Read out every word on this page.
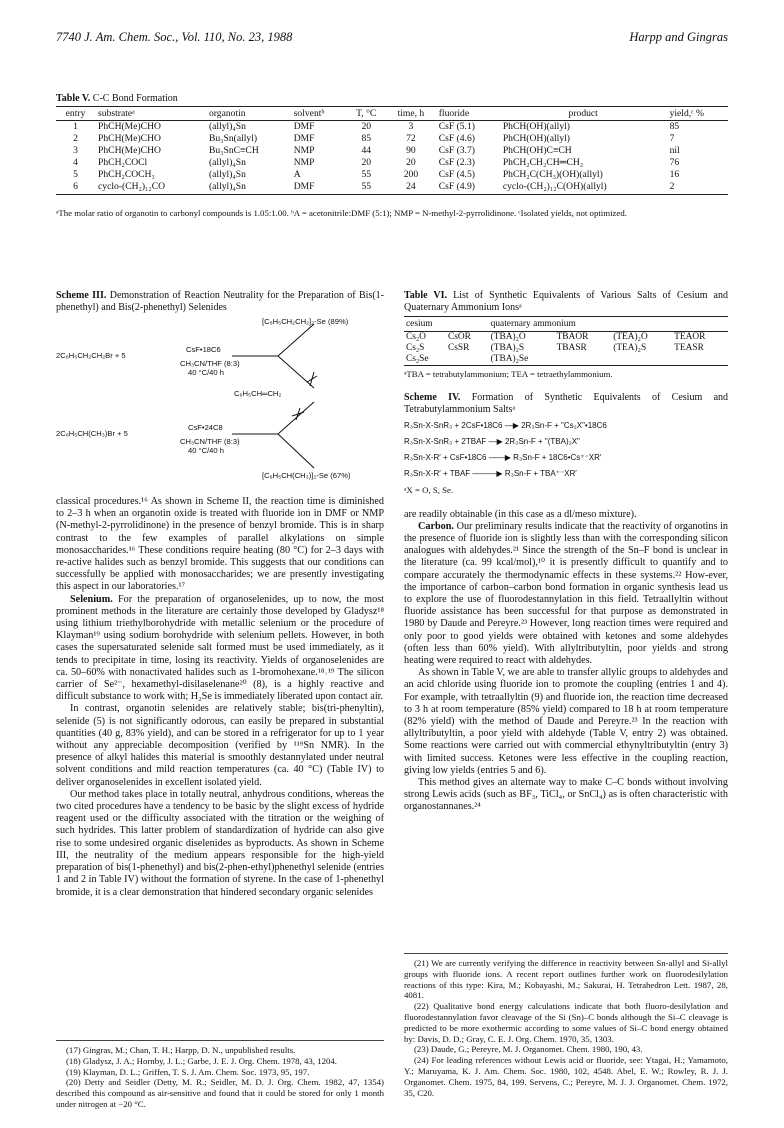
7740 J. Am. Chem. Soc., Vol. 110, No. 23, 1988	Harpp and Gingras
Table V. C-C Bond Formation
entry	substrateᵃ	organotin	solventᵇ	T, °C	time, h	fluoride	product	yield,ᶜ %
1	PhCH(Me)CHO	(allyl)₄Sn	DMF	20	3	CsF (5.1)	PhCH(OH)(allyl)	85
2	PhCH(Me)CHO	Bu₃Sn(allyl)	DMF	85	72	CsF (4.6)	PhCH(OH)(allyl)	7
3	PhCH(Me)CHO	Bu₃SnC≡CH	NMP	44	90	CsF (3.7)	PhCH(OH)C≡CH	nil
4	PhCH₂COCl	(allyl)₄Sn	NMP	20	20	CsF (2.3)	PhCH₂CH₂CH═CH₂	76
5	PhCH₂COCH₃	(allyl)₄Sn	A	55	200	CsF (4.5)	PhCH₂C(CH₃)(OH)(allyl)	16
6	cyclo-(CH₂)₁₂CO	(allyl)₄Sn	DMF	55	24	CsF (4.9)	cyclo-(CH₂)₁₂C(OH)(allyl)	2
ᵃThe molar ratio of organotin to carbonyl compounds is 1.05:1.00. ᵇA = acetonitrile:DMF (5:1); NMP = N-methyl-2-pyrrolidinone. ᶜIsolated yields, not optimized.
Scheme III. Demonstration of Reaction Neutrality for the Preparation of Bis(1-phenethyl) and Bis(2-phenethyl) Selenides
[C₆H₅CH₂CH₂]₂-Se (89%)
2C₆H₅CH₂CH₂Br + 5
CsF•18C6
CH₃CN/THF (8:3)
40 °C/40 h
C₆H₅CH═CH₂
2C₆H₅CH(CH₃)Br + 5
CsF•24C8
CH₃CN/THF (8:3)
40 °C/40 h
[C₆H₅CH(CH₃)]₂-Se (67%)

classical procedures.¹⁶ As shown in Scheme II, the reaction time is diminished to 2–3 h when an organotin oxide is treated with fluoride ion in DMF or NMP (N-methyl-2-pyrrolidinone) in the presence of benzyl bromide. This is in sharp contrast to the few examples of parallel alkylations on simple monosaccharides.¹⁶ These conditions require heating (80 °C) for 2–3 days with re-active halides such as benzyl bromide. This suggests that our conditions can successfully be applied with monosaccharides; we are presently investigating this aspect in our laboratories.¹⁷

Selenium. For the preparation of organoselenides, up to now, the most prominent methods in the literature are certainly those developed by Gladysz¹⁸ using lithium triethylborohydride with metallic selenium or the procedure of Klayman¹⁹ using sodium borohydride with selenium pellets. However, in both cases the supersaturated selenide salt formed must be used immediately, as it tends to precipitate in time, losing its reactivity. Yields of organoselenides are ca. 50–60% with nonactivated halides such as 1-bromohexane.¹⁸˒¹⁹ The silicon carrier of Se²⁻, hexamethyl-disilaselenane²⁰ (8), is a highly reactive and difficult substance to work with; H₂Se is immediately liberated upon contact air.

In contrast, organotin selenides are relatively stable; bis(tri-phenyltin), selenide (5) is not significantly odorous, can easily be prepared in substantial quantities (40 g, 83% yield), and can be stored in a refrigerator for up to 1 year without any appreciable decomposition (verified by ¹¹⁹Sn NMR). In the presence of alkyl halides this material is smoothly destannylated under neutral solvent conditions and mild reaction temperatures (ca. 40 °C) (Table IV) to deliver organoselenides in excellent isolated yield.

Our method takes place in totally neutral, anhydrous conditions, whereas the two cited procedures have a tendency to be basic by the slight excess of hydride reagent used or the difficulty associated with the titration or the weighing of such hydrides. This latter problem of standardization of hydride can also give rise to some undesired organic diselenides as byproducts. As shown in Scheme III, the neutrality of the medium appears responsible for the high-yield preparation of bis(1-phenethyl) and bis(2-phen-ethyl)phenethyl selenide (entries 1 and 2 in Table IV) without the formation of styrene. In the case of 1-phenethyl bromide, it is a clear demonstration that hindered secondary organic selenides

(17) Gingras, M.; Chan, T. H.; Harpp, D. N., unpublished results.
(18) Gladysz, J. A.; Hornby, J. L.; Garbe, J. E. J. Org. Chem. 1978, 43, 1204.
(19) Klayman, D. L.; Griffen, T. S. J. Am. Chem. Soc. 1973, 95, 197.
(20) Detty and Seidler (Detty, M. R.; Seidler, M. D. J. Org. Chem. 1982, 47, 1354) described this compound as air-sensitive and found that it could be stored for only 1 month under nitrogen at −20 °C.
Table VI. List of Synthetic Equivalents of Various Salts of Cesium and Quaternary Ammonium Ionsᵃ
cesium		quaternary ammonium			
Cs₂O	CsOR	(TBA)₂O	TBAOR	(TEA)₂O	TEAOR
Cs₂S	CsSR	(TBA)₂S	TBASR	(TEA)₂S	TEASR
Cs₂Se		(TBA)₂Se			
ᵃTBA = tetrabutylammonium; TEA = tetraethylammonium.
Scheme IV. Formation of Synthetic Equivalents of Cesium and Tetrabutylammonium Saltsᵃ
R₃Sn-X-SnR₃ + 2CsF•18C6 —▶ 2R₃Sn-F + "Cs₂X"•18C6
R₃Sn-X-SnR₃ + 2TBAF —▶ 2R₃Sn-F + "(TBA)₂X"
R₃Sn-X-R′ + CsF•18C6 ——▶ R₃Sn-F + 18C6•Cs⁺⁻XR′
R₃Sn-X-R′ + TBAF ———▶ R₃Sn-F + TBA⁺⁻XR′
ᵃX = O, S, Se.

are readily obtainable (in this case as a dl/meso mixture).

Carbon. Our preliminary results indicate that the reactivity of organotins in the presence of fluoride ion is slightly less than with the corresponding silicon analogues with aldehydes.²¹ Since the strength of the Sn–F bond is unclear in the literature (ca. 99 kcal/mol),¹⁰ it is presently difficult to quantify and to compare accurately the thermodynamic effects in these systems.²² How-ever, the importance of carbon–carbon bond formation in organic synthesis lead us to explore the use of fluorodestannylation in this field. Tetraallyltin without fluoride assistance has been successful for that purpose as demonstrated in 1980 by Daude and Pereyre.²³ However, long reaction times were required and only poor to good yields were obtained with ketones and some aldehydes (often less than 60% yield). With allyltributyltin, poor yields and strong heating were required to react with aldehydes.

As shown in Table V, we are able to transfer allylic groups to aldehydes and an acid chloride using fluoride ion to promote the coupling (entries 1 and 4). For example, with tetraallyltin (9) and fluoride ion, the reaction time decreased to 3 h at room temperature (85% yield) compared to 18 h at room temperature (82% yield) with the method of Daude and Pereyre.²³ In the reaction with allyltributyltin, a poor yield with aldehyde (Table V, entry 2) was obtained. Some reactions were carried out with commercial ethynyltributyltin (entry 3) with limited success. Ketones were less effective in the coupling reaction, giving low yields (entries 5 and 6).

This method gives an alternate way to make C–C bonds without involving strong Lewis acids (such as BF₃, TiCl₄, or SnCl₄) as is often characteristic with organostannanes.²⁴

(21) We are currently verifying the difference in reactivity between Sn-allyl and Si-allyl groups with fluoride ions. A recent report outlines further work on fluorodesilylation reactions of this type: Kira, M.; Kobayashi, M.; Sakurai, H. Tetrahedron Lett. 1987, 28, 4081.
(22) Qualitative bond energy calculations indicate that both fluoro-desilylation and fluorodestannylation favor cleavage of the Si (Sn)–C bonds although the Si–C cleavage is predicted to be more exothermic according to some values of Si–C bond energy obtained by: Davis, D. D.; Gray, C. E. J. Org. Chem. 1970, 35, 1303.
(23) Daude, G.; Pereyre, M. J. Organomet. Chem. 1980, 190, 43.
(24) For leading references without Lewis acid or fluoride, see: Ytagai, H.; Yamamoto, Y.; Maruyama, K. J. Am. Chem. Soc. 1980, 102, 4548. Abel, E. W.; Rowley, R. J. J. Organomet. Chem. 1975, 84, 199. Servens, C.; Pereyre, M. J. J. Organomet. Chem. 1972, 35, C20.
